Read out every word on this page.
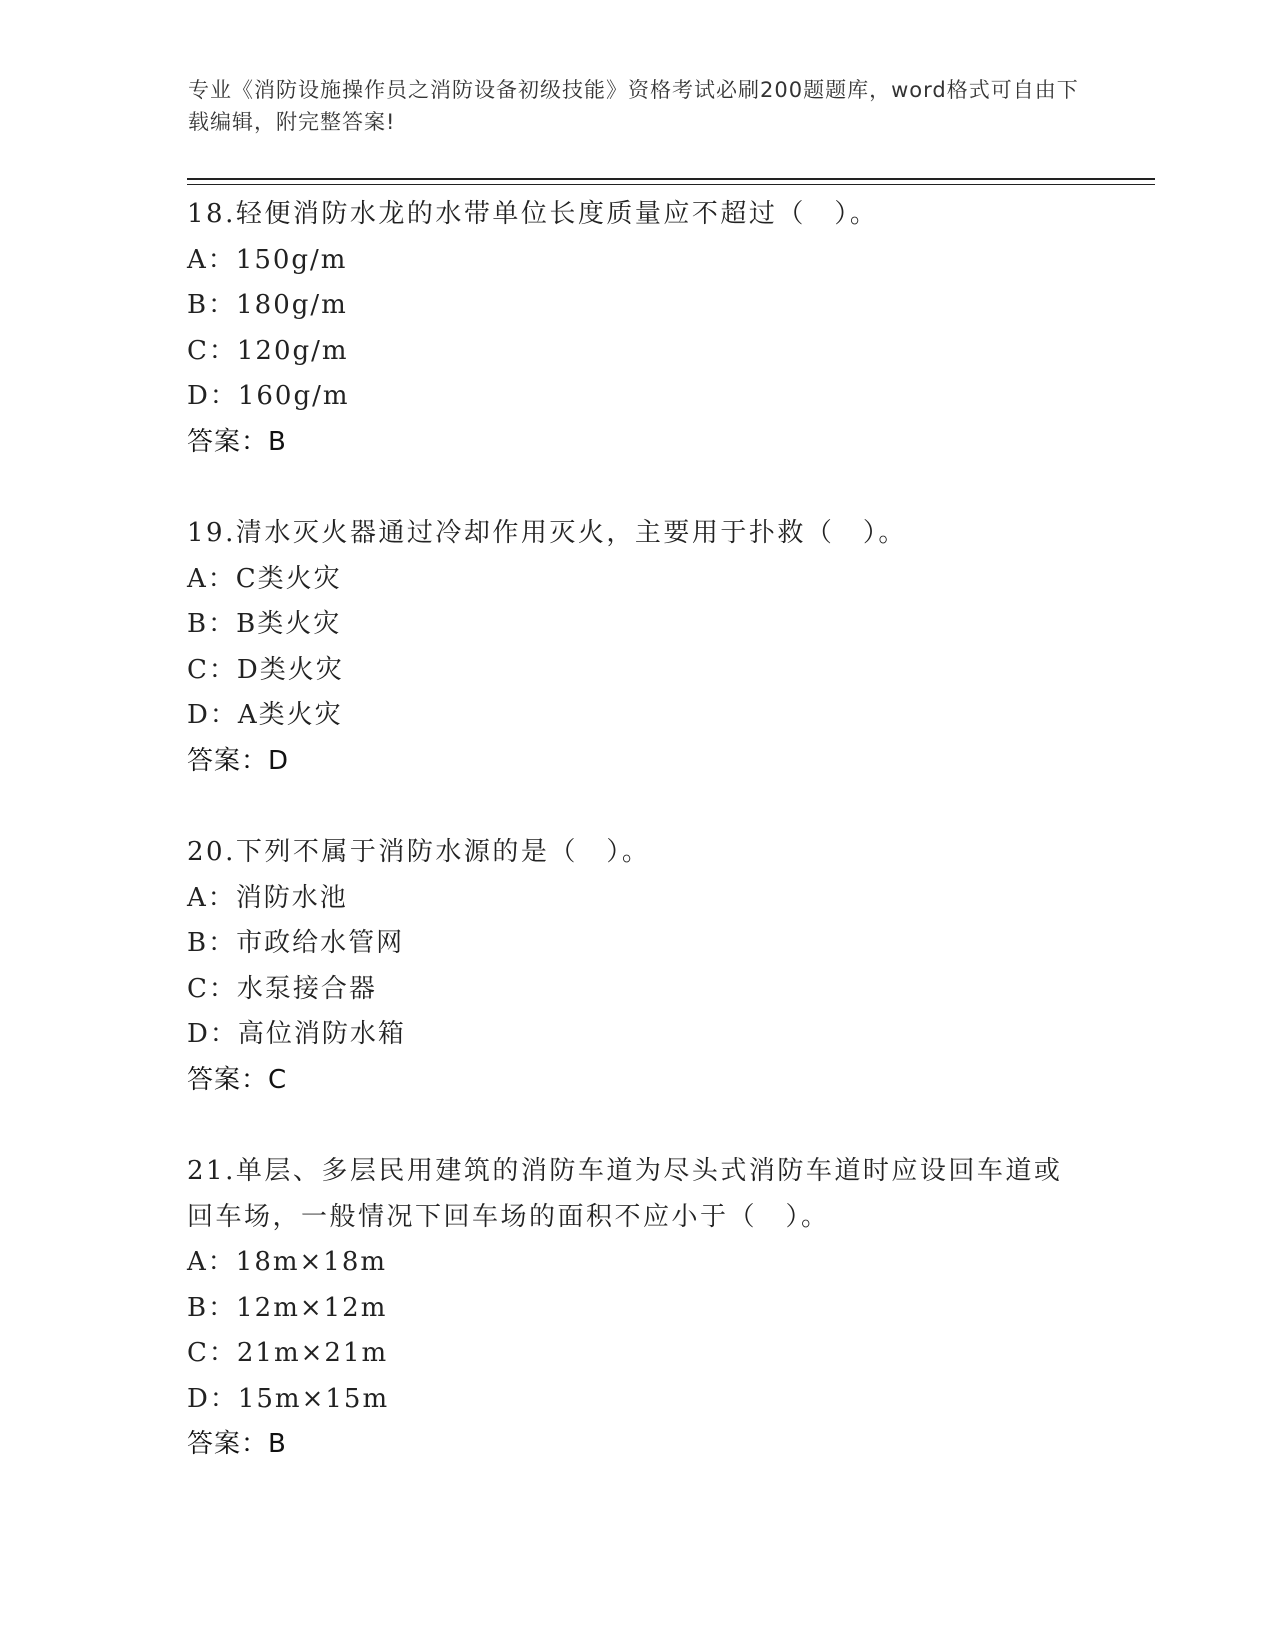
专业《消防设施操作员之消防设备初级技能》资格考试必刷200题题库，word格式可自由下载编辑，附完整答案!
18.轻便消防水龙的水带单位长度质量应不超过（　）。
A：150g/m
B：180g/m
C：120g/m
D：160g/m
答案：B
19.清水灭火器通过冷却作用灭火，主要用于扑救（　）。
A：C类火灾
B：B类火灾
C：D类火灾
D：A类火灾
答案：D
20.下列不属于消防水源的是（　）。
A：消防水池
B：市政给水管网
C：水泵接合器
D：高位消防水箱
答案：C
21.单层、多层民用建筑的消防车道为尽头式消防车道时应设回车道或回车场，一般情况下回车场的面积不应小于（　）。
A：18m×18m
B：12m×12m
C：21m×21m
D：15m×15m
答案：B
